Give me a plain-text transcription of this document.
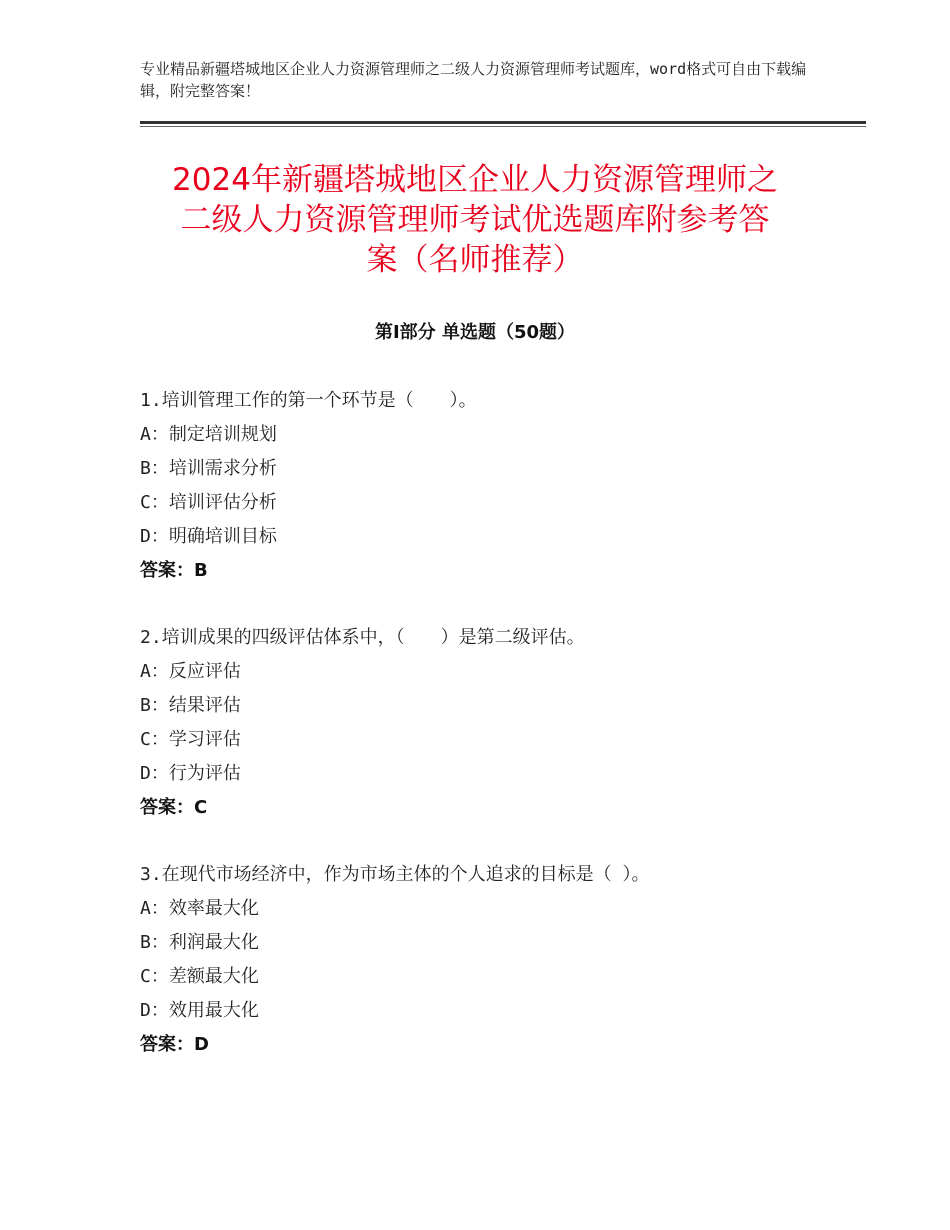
专业精品新疆塔城地区企业人力资源管理师之二级人力资源管理师考试题库，word格式可自由下载编辑，附完整答案！
2024年新疆塔城地区企业人力资源管理师之
二级人力资源管理师考试优选题库附参考答
案（名师推荐）
第Ⅰ部分 单选题（50题）
1.培训管理工作的第一个环节是（　　）。
A：制定培训规划
B：培训需求分析
C：培训评估分析
D：明确培训目标
答案：B
2.培训成果的四级评估体系中，（　　）是第二级评估。
A：反应评估
B：结果评估
C：学习评估
D：行为评估
答案：C
3.在现代市场经济中，作为市场主体的个人追求的目标是（ ）。
A：效率最大化
B：利润最大化
C：差额最大化
D：效用最大化
答案：D
